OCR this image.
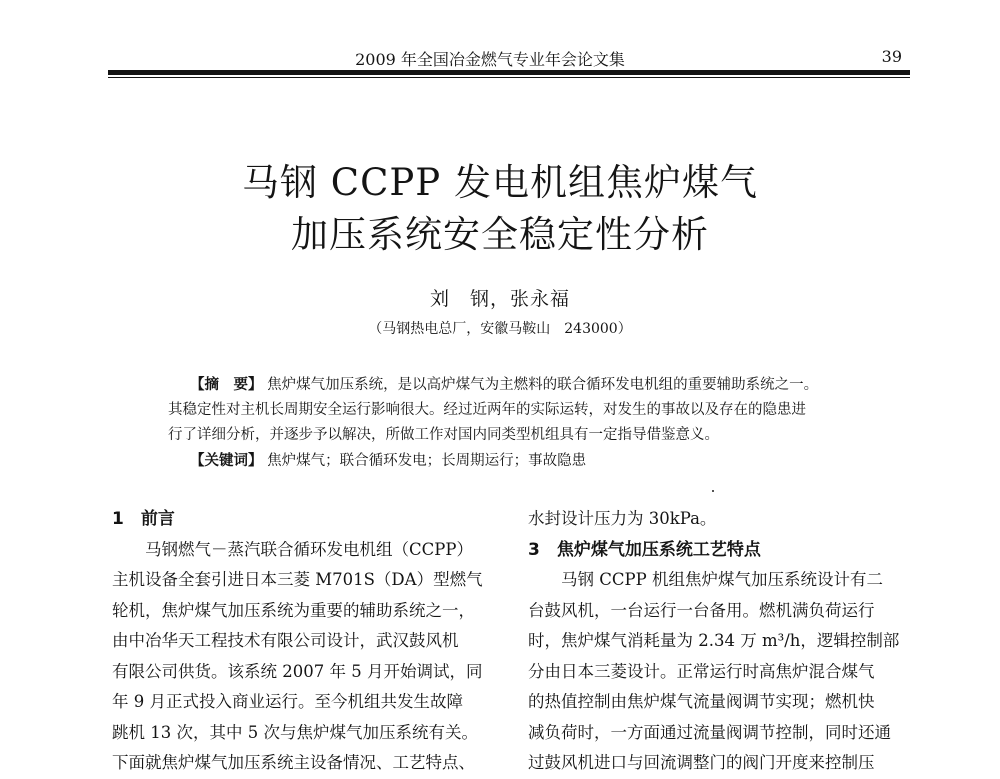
2009 年全国冶金燃气专业年会论文集	39
马钢 CCPP 发电机组焦炉煤气
加压系统安全稳定性分析
刘　钢，张永福
（马钢热电总厂，安徽马鞍山　243000）

【摘　要】 焦炉煤气加压系统，是以高炉煤气为主燃料的联合循环发电机组的重要辅助系统之一。

其稳定性对主机长周期安全运行影响很大。经过近两年的实际运转，对发生的事故以及存在的隐患进

行了详细分析，并逐步予以解决，所做工作对国内同类型机组具有一定指导借鉴意义。

【关键词】 焦炉煤气；联合循环发电；长周期运行；事故隐患
1　前言
马钢燃气－蒸汽联合循环发电机组（CCPP）
主机设备全套引进日本三菱 M701S（DA）型燃气
轮机，焦炉煤气加压系统为重要的辅助系统之一，
由中冶华天工程技术有限公司设计，武汉鼓风机
有限公司供货。该系统 2007 年 5 月开始调试，同
年 9 月正式投入商业运行。至今机组共发生故障
跳机 13 次，其中 5 次与焦炉煤气加压系统有关。
下面就焦炉煤气加压系统主设备情况、工艺特点、
水封设计压力为 30kPa。
3　焦炉煤气加压系统工艺特点
马钢 CCPP 机组焦炉煤气加压系统设计有二
台鼓风机，一台运行一台备用。燃机满负荷运行
时，焦炉煤气消耗量为 2.34 万 m³/h，逻辑控制部
分由日本三菱设计。正常运行时高焦炉混合煤气
的热值控制由焦炉煤气流量阀调节实现；燃机快
减负荷时，一方面通过流量阀调节控制，同时还通
过鼓风机进口与回流调整门的阀门开度来控制压
